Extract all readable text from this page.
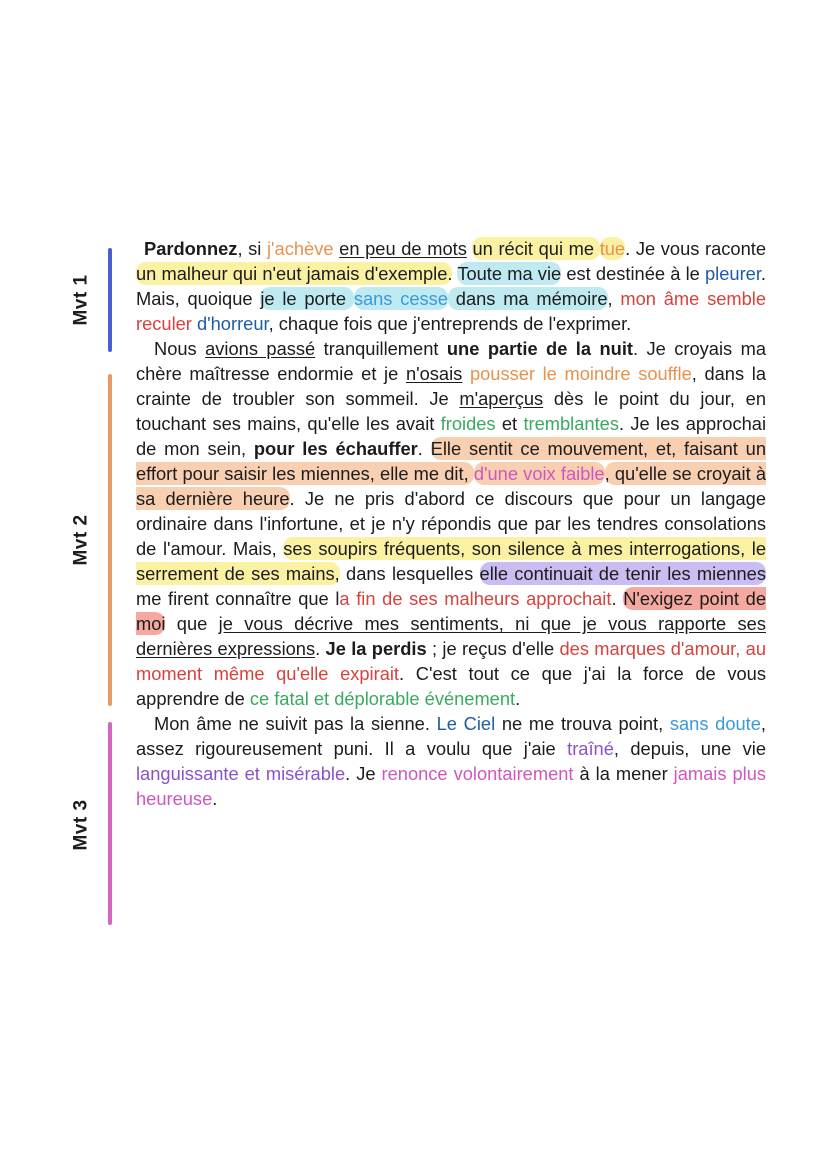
Mvt 1
Mvt 2
Mvt 3

Pardonnez, si j'achève en peu de mots un récit qui me tue. Je vous raconte un malheur qui n'eut jamais d'exemple. Toute ma vie est destinée à le pleurer. Mais, quoique je le porte sans cesse dans ma mémoire, mon âme semble reculer d'horreur, chaque fois que j'entreprends de l'exprimer.

Nous avions passé tranquillement une partie de la nuit. Je croyais ma chère maîtresse endormie et je n'osais pousser le moindre souffle, dans la crainte de troubler son sommeil. Je m'aperçus dès le point du jour, en touchant ses mains, qu'elle les avait froides et tremblantes. Je les approchai de mon sein, pour les échauffer. Elle sentit ce mouvement, et, faisant un effort pour saisir les miennes, elle me dit, d'une voix faible, qu'elle se croyait à sa dernière heure. Je ne pris d'abord ce discours que pour un langage ordinaire dans l'infortune, et je n'y répondis que par les tendres consolations de l'amour. Mais, ses soupirs fréquents, son silence à mes interrogations, le serrement de ses mains, dans lesquelles elle continuait de tenir les miennes me firent connaître que la fin de ses malheurs approchait. N'exigez point de moi que je vous décrive mes sentiments, ni que je vous rapporte ses dernières expressions. Je la perdis ; je reçus d'elle des marques d'amour, au moment même qu'elle expirait. C'est tout ce que j'ai la force de vous apprendre de ce fatal et déplorable événement.

Mon âme ne suivit pas la sienne. Le Ciel ne me trouva point, sans doute, assez rigoureusement puni. Il a voulu que j'aie traîné, depuis, une vie languissante et misérable. Je renonce volontairement à la mener jamais plus heureuse.
